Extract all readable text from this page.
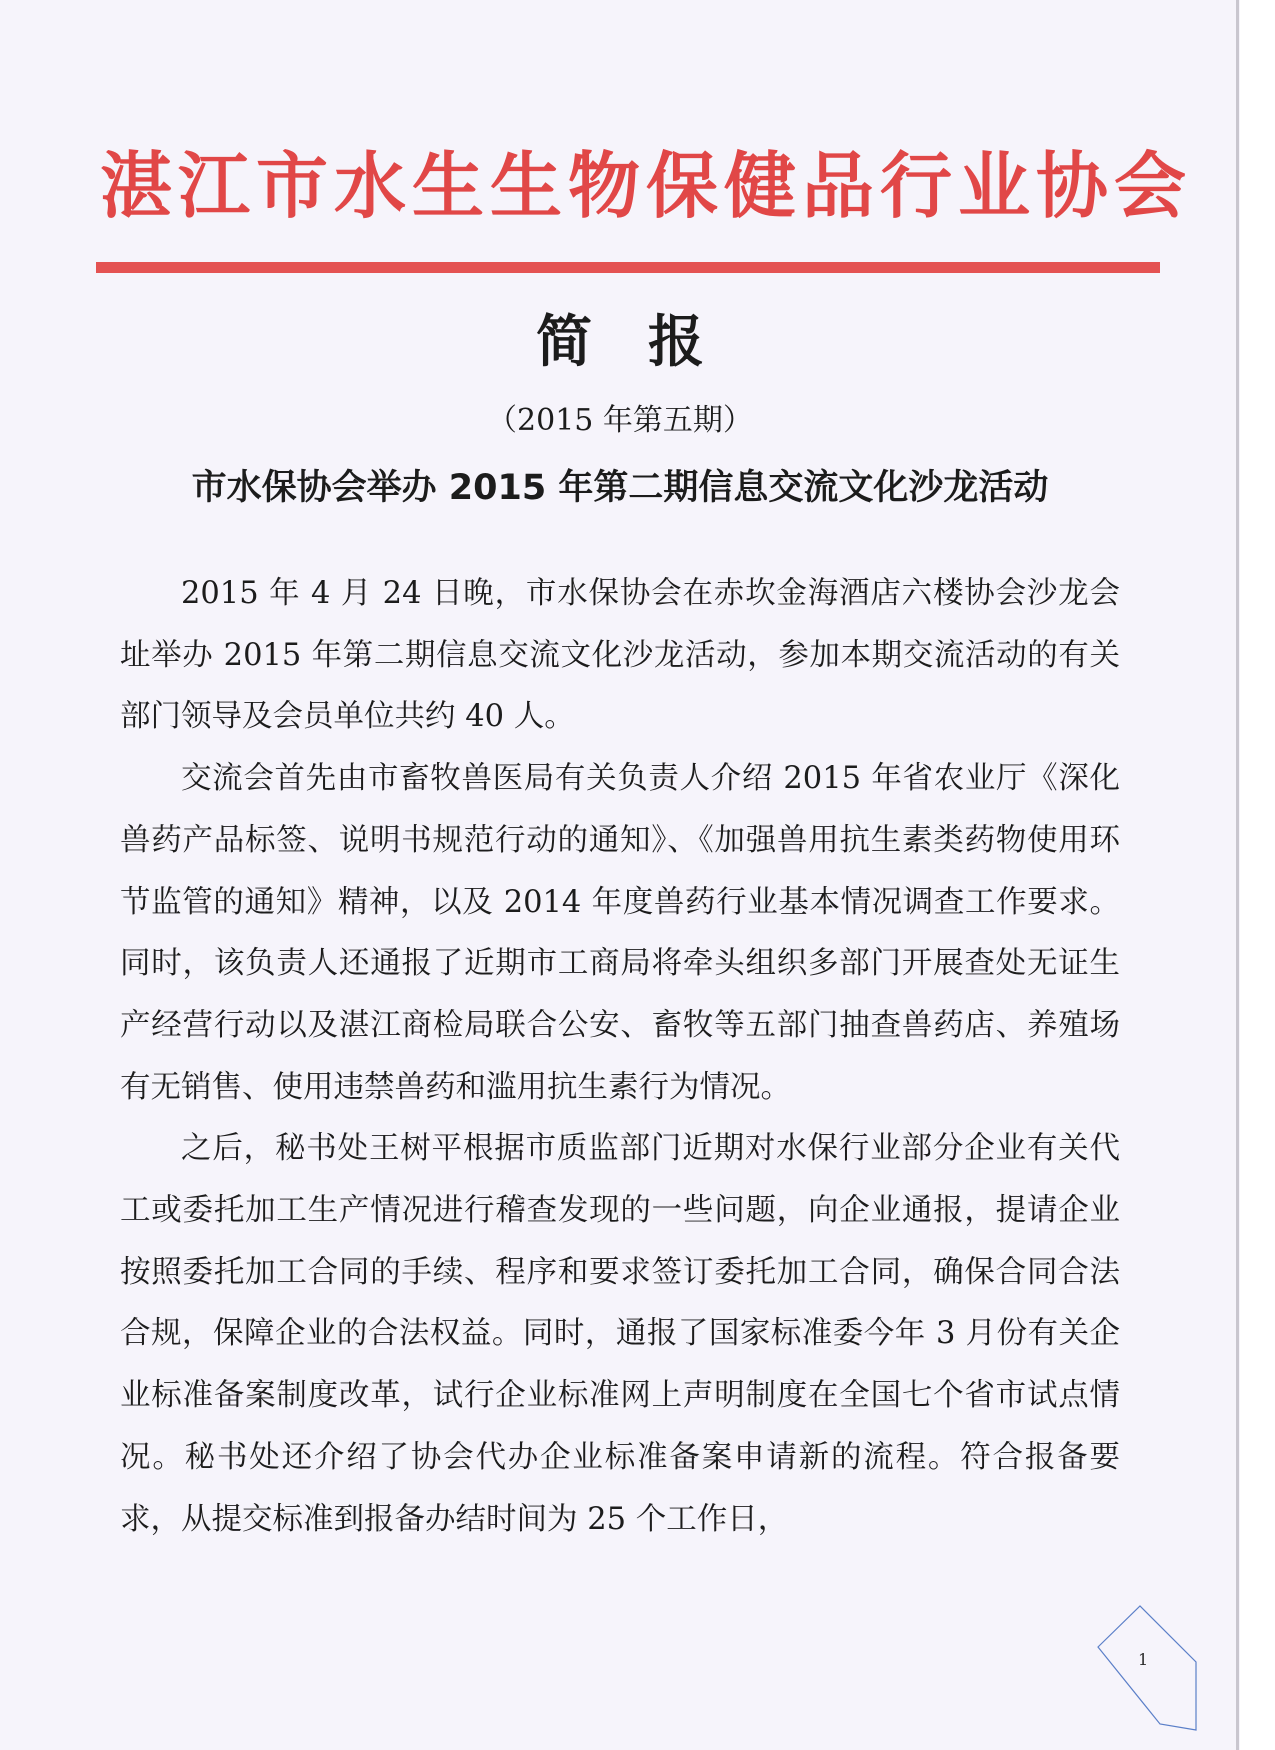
湛江市水生生物保健品行业协会
简报
（2015 年第五期）
市水保协会举办 2015 年第二期信息交流文化沙龙活动

2015 年 4 月 24 日晚，市水保协会在赤坎金海酒店六楼协会沙龙会址举办 2015 年第二期信息交流文化沙龙活动，参加本期交流活动的有关部门领导及会员单位共约 40 人。

交流会首先由市畜牧兽医局有关负责人介绍 2015 年省农业厅《深化兽药产品标签、说明书规范行动的通知》、《加强兽用抗生素类药物使用环节监管的通知》精神，以及 2014 年度兽药行业基本情况调查工作要求。同时，该负责人还通报了近期市工商局将牵头组织多部门开展查处无证生产经营行动以及湛江商检局联合公安、畜牧等五部门抽查兽药店、养殖场有无销售、使用违禁兽药和滥用抗生素行为情况。

之后，秘书处王树平根据市质监部门近期对水保行业部分企业有关代工或委托加工生产情况进行稽查发现的一些问题，向企业通报，提请企业按照委托加工合同的手续、程序和要求签订委托加工合同，确保合同合法合规，保障企业的合法权益。同时，通报了国家标准委今年 3 月份有关企业标准备案制度改革，试行企业标准网上声明制度在全国七个省市试点情况。秘书处还介绍了协会代办企业标准备案申请新的流程。符合报备要求，从提交标准到报备办结时间为 25 个工作日，

1
